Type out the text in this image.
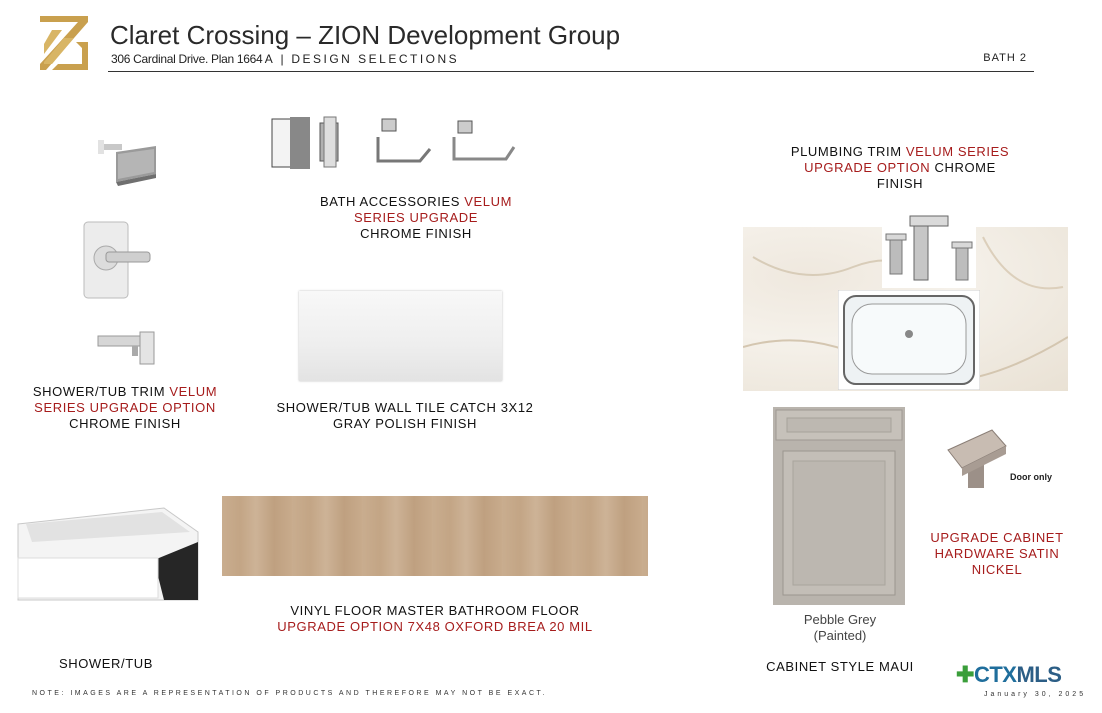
Claret Crossing – ZION Development Group
306 Cardinal Drive. Plan 1664 A | DESIGN SELECTIONS	BATH 2
SHOWER/TUB TRIM VELUM
SERIES UPGRADE OPTION
CHROME FINISH
BATH ACCESSORIES VELUM
SERIES UPGRADE
CHROME FINISH
SHOWER/TUB WALL TILE CATCH 3X12
GRAY POLISH FINISH
PLUMBING TRIM VELUM SERIES
UPGRADE OPTION CHROME
FINISH
Pebble Grey
(Painted)
Door only
UPGRADE CABINET
HARDWARE SATIN
NICKEL
SHOWER/TUB
VINYL FLOOR MASTER BATHROOM FLOOR
UPGRADE OPTION 7X48 OXFORD BREA 20 MIL
CABINET STYLE MAUI
NOTE: IMAGES ARE A REPRESENTATION OF PRODUCTS AND THEREFORE MAY NOT BE EXACT.
✚CTXMLS
January 30, 2025
